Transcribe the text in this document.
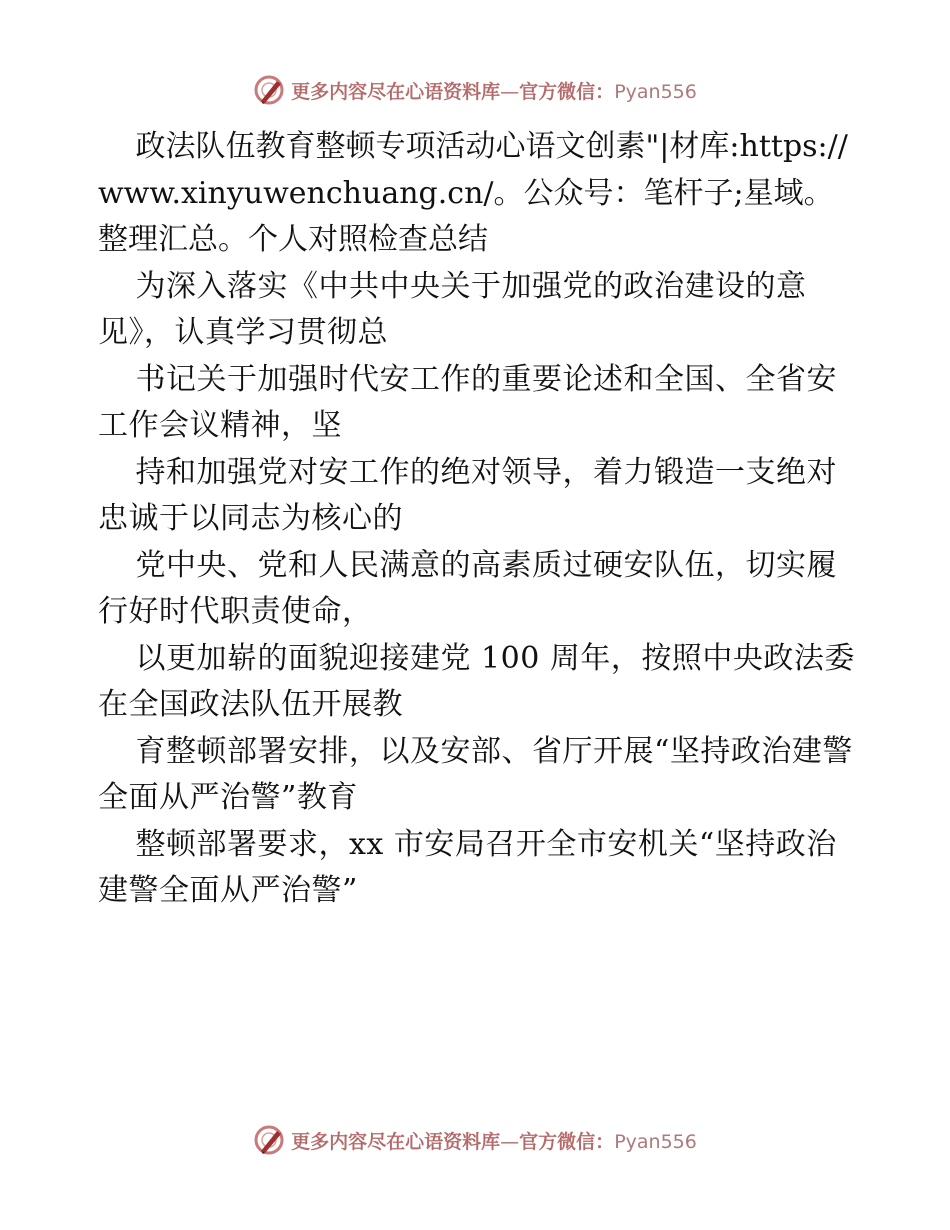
更多内容尽在心语资料库—官方微信：Pyan556

政法队伍教育整顿专项活动心语文创素"|材库:https://www.xinyuwenchuang.cn/。公众号：笔杆子;星域。整理汇总。个人对照检查总结

为深入落实《中共中央关于加强党的政治建设的意见》，认真学习贯彻总

书记关于加强时代安工作的重要论述和全国、全省安工作会议精神，坚

持和加强党对安工作的绝对领导，着力锻造一支绝对忠诚于以同志为核心的

党中央、党和人民满意的高素质过硬安队伍，切实履行好时代职责使命，

以更加崭的面貌迎接建党 100 周年，按照中央政法委在全国政法队伍开展教

育整顿部署安排，以及安部、省厅开展“坚持政治建警全面从严治警”教育

整顿部署要求，xx 市安局召开全市安机关“坚持政治建警全面从严治警”

更多内容尽在心语资料库—官方微信：Pyan556
